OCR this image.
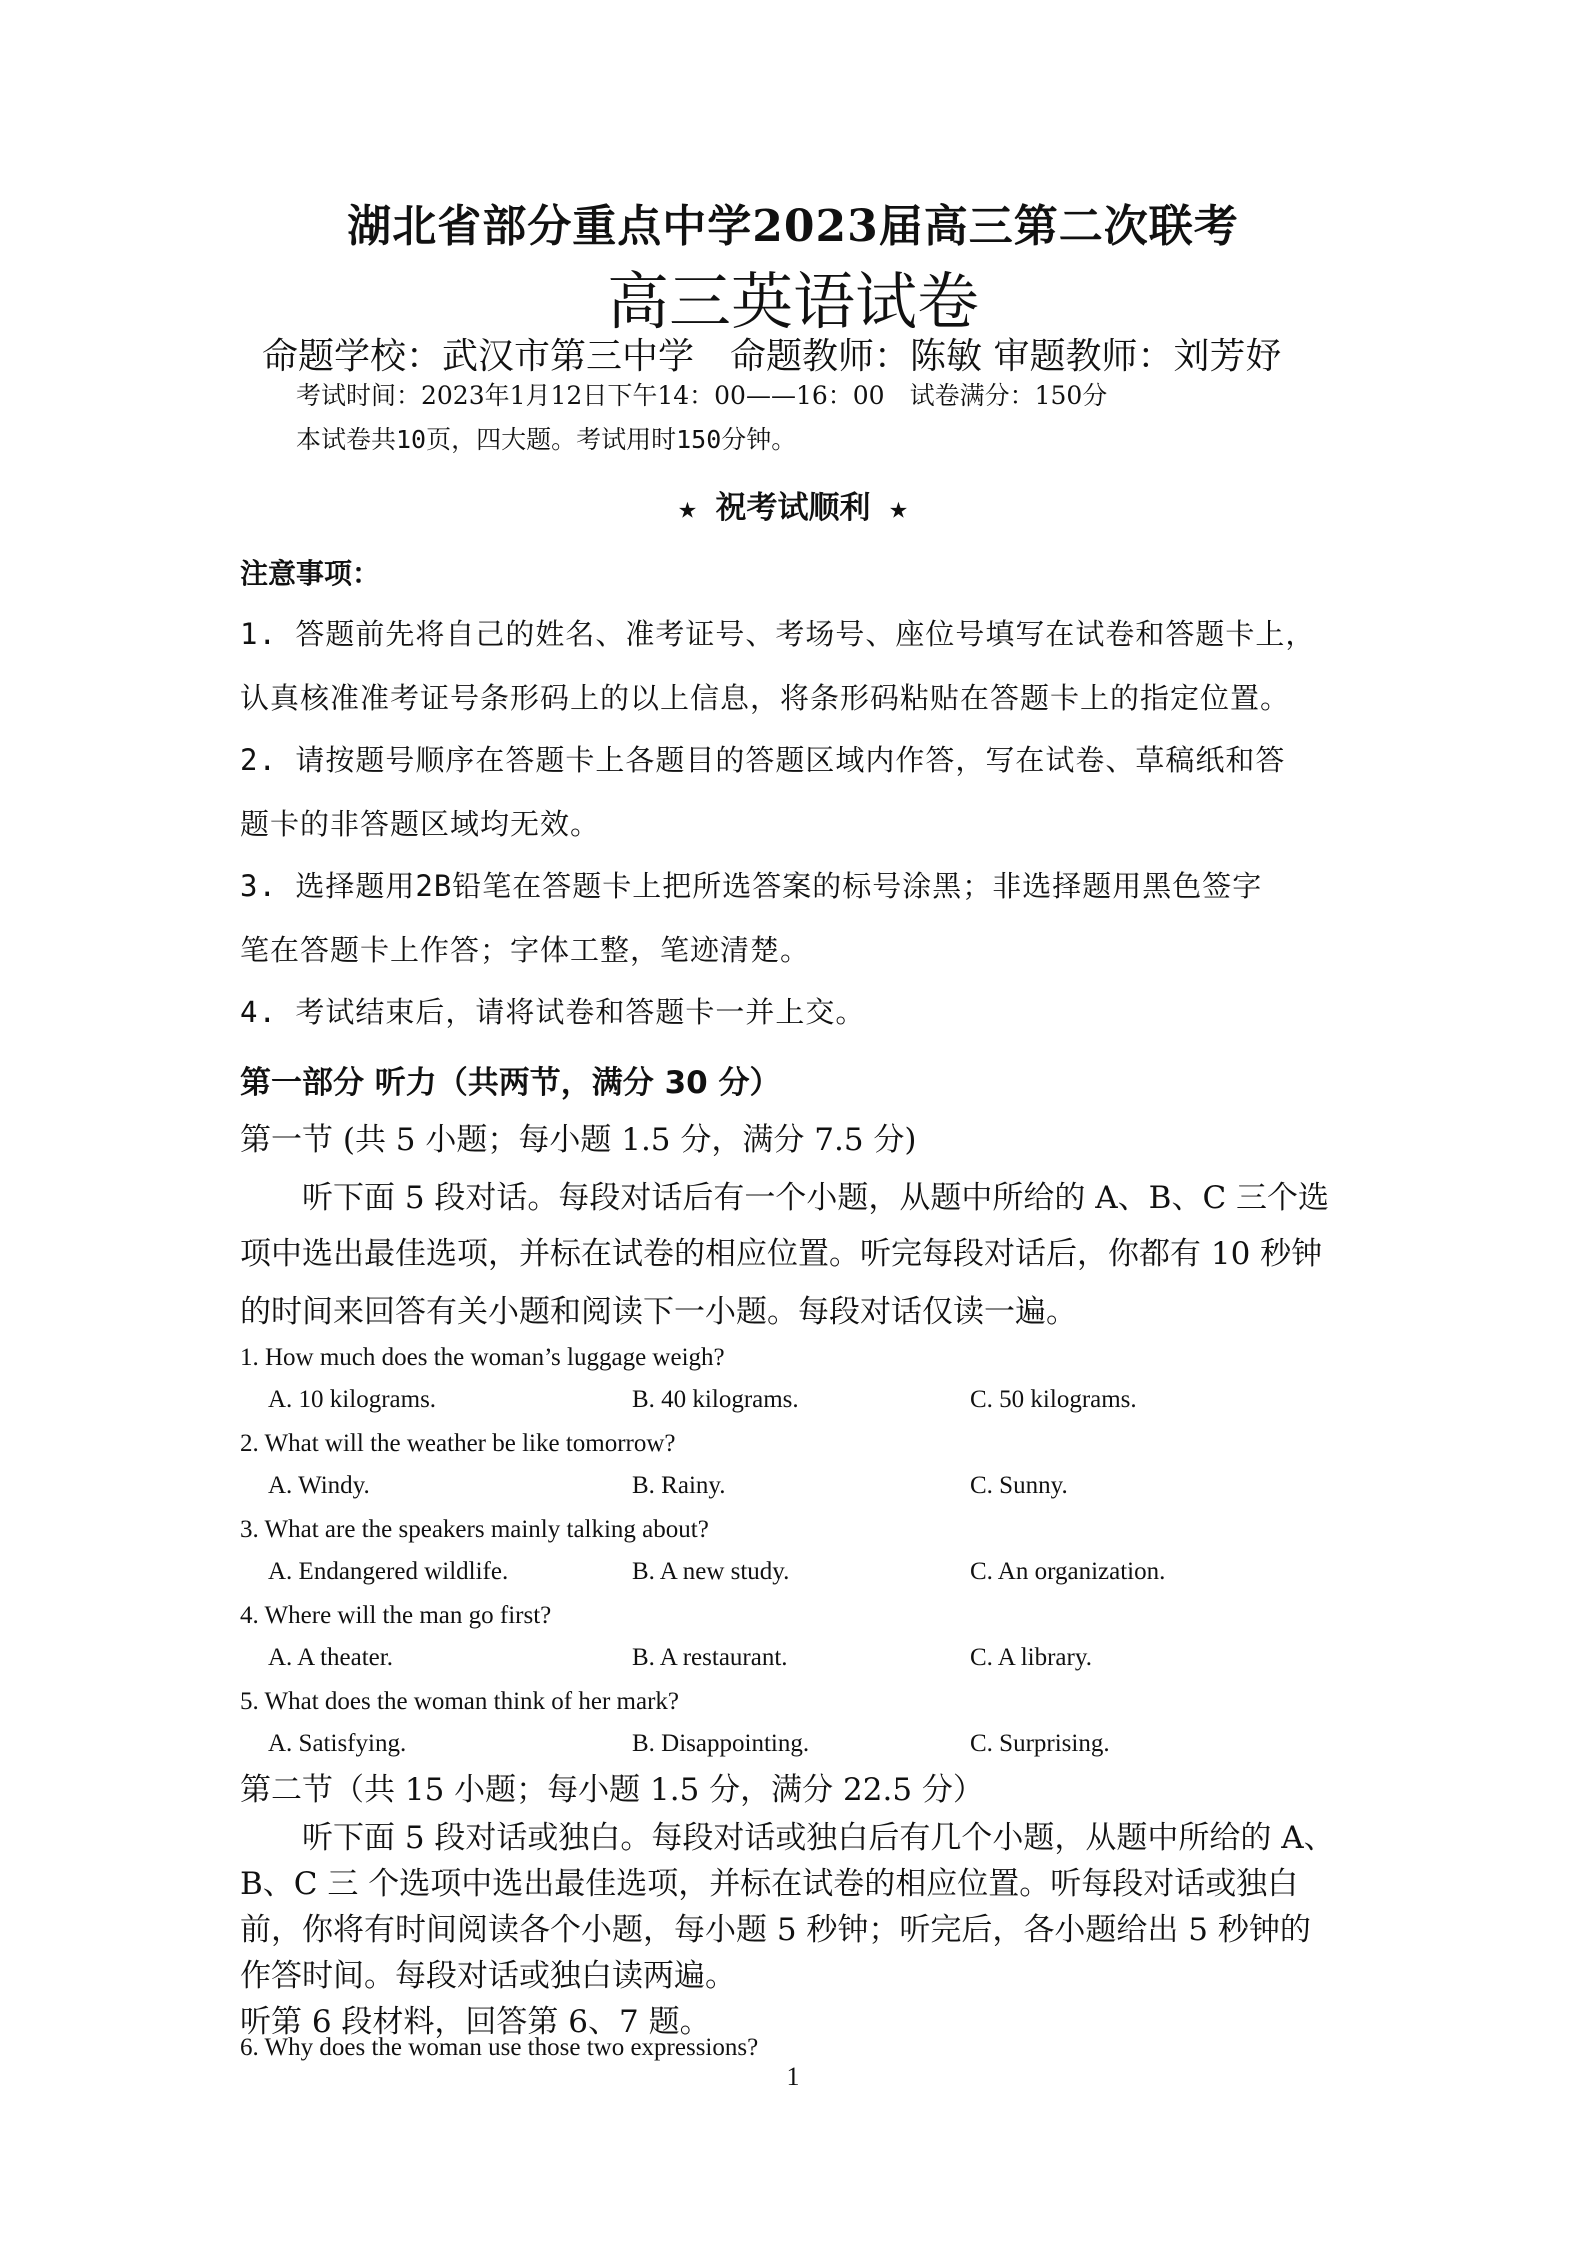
湖北省部分重点中学2023届高三第二次联考
高三英语试卷
命题学校：武汉市第三中学　命题教师：陈敏 审题教师：刘芳妤
考试时间：2023年1月12日下午14：00——16：00　试卷满分：150分
本试卷共10页，四大题。考试用时150分钟。
★ 祝考试顺利 ★
注意事项：
1. 答题前先将自己的姓名、准考证号、考场号、座位号填写在试卷和答题卡上，
认真核准准考证号条形码上的以上信息，将条形码粘贴在答题卡上的指定位置。
2. 请按题号顺序在答题卡上各题目的答题区域内作答，写在试卷、草稿纸和答
题卡的非答题区域均无效。
3. 选择题用2B铅笔在答题卡上把所选答案的标号涂黑；非选择题用黑色签字
笔在答题卡上作答；字体工整，笔迹清楚。
4. 考试结束后，请将试卷和答题卡一并上交。
第一部分 听力（共两节，满分 30 分）
第一节 (共 5 小题；每小题 1.5 分，满分 7.5 分)
　　听下面 5 段对话。每段对话后有一个小题，从题中所给的 A、B、C 三个选
项中选出最佳选项，并标在试卷的相应位置。听完每段对话后，你都有 10 秒钟
的时间来回答有关小题和阅读下一小题。每段对话仅读一遍。
1. How much does the woman’s luggage weigh?
A. 10 kilograms.	B. 40 kilograms.	C. 50 kilograms.
2. What will the weather be like tomorrow?
A. Windy.	B. Rainy.	C. Sunny.
3. What are the speakers mainly talking about?
A. Endangered wildlife.	B. A new study.	C. An organization.
4. Where will the man go first?
A. A theater.	B. A restaurant.	C. A library.
5. What does the woman think of her mark?
A. Satisfying.	B. Disappointing.	C. Surprising.
第二节（共 15 小题；每小题 1.5 分，满分 22.5 分）
　　听下面 5 段对话或独白。每段对话或独白后有几个小题，从题中所给的 A、
B、C 三 个选项中选出最佳选项，并标在试卷的相应位置。听每段对话或独白
前，你将有时间阅读各个小题，每小题 5 秒钟；听完后，各小题给出 5 秒钟的
作答时间。每段对话或独白读两遍。
听第 6 段材料，回答第 6、7 题。
6. Why does the woman use those two expressions?
1
